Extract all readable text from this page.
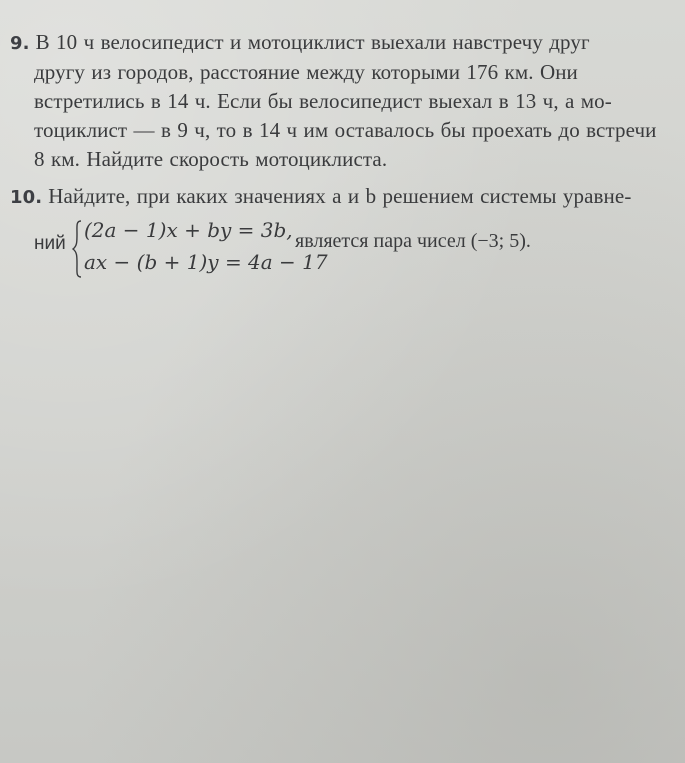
9. В 10 ч велосипедист и мотоциклист выехали навстречу друг
другу из городов, расстояние между которыми 176 км. Они
встретились в 14 ч. Если бы велосипедист выехал в 13 ч, а мо-
тоциклист — в 9 ч, то в 14 ч им оставалось бы проехать до встречи
8 км. Найдите скорость мотоциклиста.
10. Найдите, при каких значениях a и b решением системы уравне-
ний
(2a − 1)x + by = 3b,
ax − (b + 1)y = 4a − 17
является пара чисел (−3; 5).
